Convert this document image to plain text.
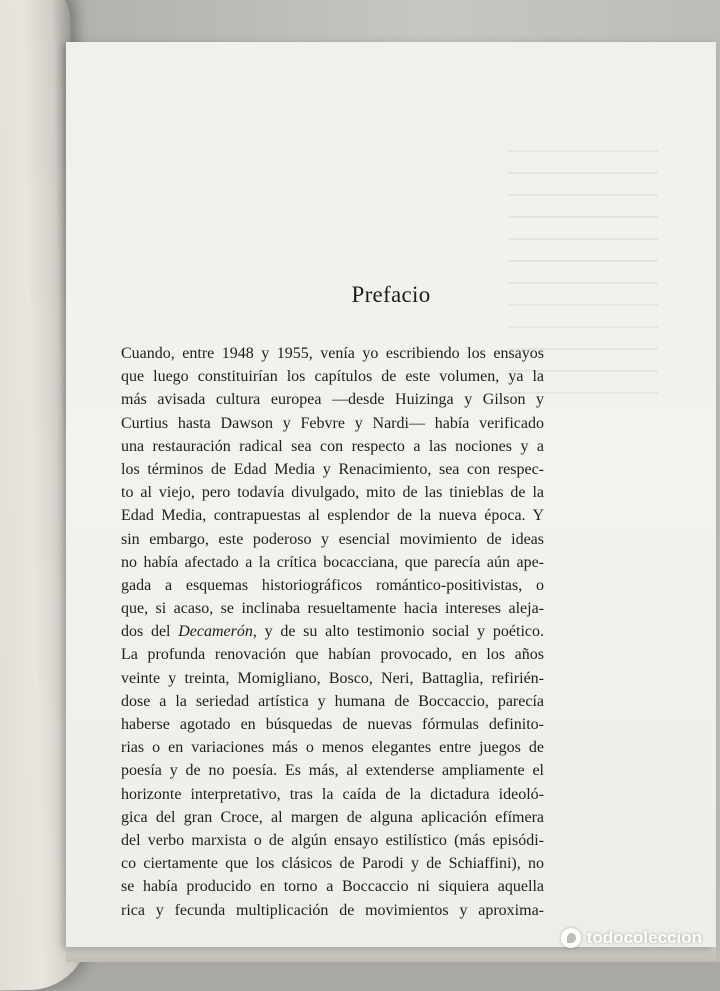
Prefacio
Cuando, entre 1948 y 1955, venía yo escribiendo los ensayos
que luego constituirían los capítulos de este volumen, ya la
más avisada cultura europea —desde Huizinga y Gilson y
Curtius hasta Dawson y Febvre y Nardi— había verificado
una restauración radical sea con respecto a las nociones y a
los términos de Edad Media y Renacimiento, sea con respec-
to al viejo, pero todavía divulgado, mito de las tinieblas de la
Edad Media, contrapuestas al esplendor de la nueva época. Y
sin embargo, este poderoso y esencial movimiento de ideas
no había afectado a la crítica bocacciana, que parecía aún ape-
gada a esquemas historiográficos romántico-positivistas, o
que, si acaso, se inclinaba resueltamente hacia intereses aleja-
dos del Decamerón, y de su alto testimonio social y poético.
La profunda renovación que habían provocado, en los años
veinte y treinta, Momigliano, Bosco, Neri, Battaglia, refirién-
dose a la seriedad artística y humana de Boccaccio, parecía
haberse agotado en búsquedas de nuevas fórmulas definito-
rias o en variaciones más o menos elegantes entre juegos de
poesía y de no poesía. Es más, al extenderse ampliamente el
horizonte interpretativo, tras la caída de la dictadura ideoló-
gica del gran Croce, al margen de alguna aplicación efímera
del verbo marxista o de algún ensayo estilístico (más episódi-
co ciertamente que los clásicos de Parodi y de Schiaffini), no
se había producido en torno a Boccaccio ni siquiera aquella
rica y fecunda multiplicación de movimientos y aproxima-
todocoleccion
